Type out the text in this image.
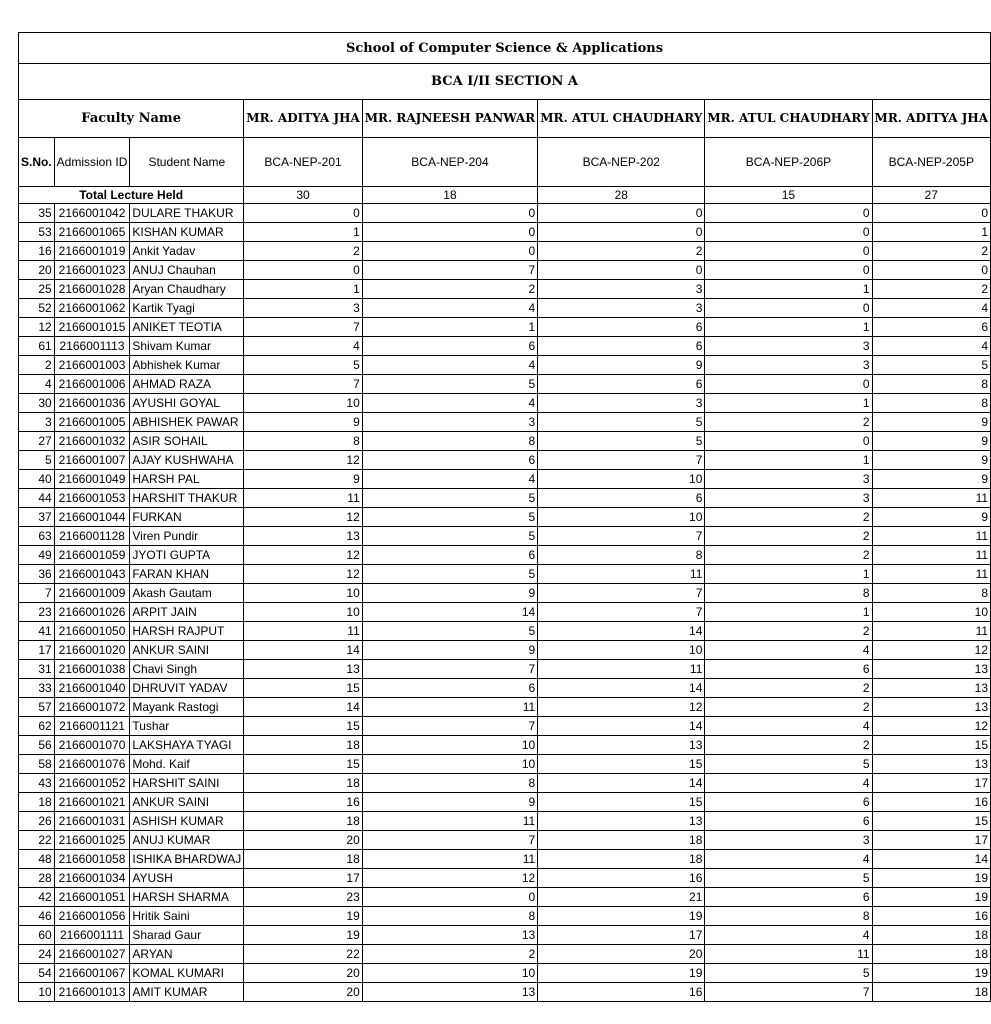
School of Computer Science & Applications							
BCA I/II SECTION A							
Faculty Name			MR. ADITYA JHA	MR. RAJNEESH PANWAR	MR. ATUL CHAUDHARY	MR. ATUL CHAUDHARY	MR. ADITYA JHA
S.No.	Admission ID	Student Name	BCA-NEP-201	BCA-NEP-204	BCA-NEP-202	BCA-NEP-206P	BCA-NEP-205P
Total Lecture Held			30	18	28	15	27
35	2166001042	DULARE THAKUR	0	0	0	0	0
53	2166001065	KISHAN KUMAR	1	0	0	0	1
16	2166001019	Ankit Yadav	2	0	2	0	2
20	2166001023	ANUJ Chauhan	0	7	0	0	0
25	2166001028	Aryan Chaudhary	1	2	3	1	2
52	2166001062	Kartik Tyagi	3	4	3	0	4
12	2166001015	ANIKET TEOTIA	7	1	6	1	6
61	2166001113	Shivam Kumar	4	6	6	3	4
2	2166001003	Abhishek Kumar	5	4	9	3	5
4	2166001006	AHMAD RAZA	7	5	6	0	8
30	2166001036	AYUSHI GOYAL	10	4	3	1	8
3	2166001005	ABHISHEK PAWAR	9	3	5	2	9
27	2166001032	ASIR SOHAIL	8	8	5	0	9
5	2166001007	AJAY KUSHWAHA	12	6	7	1	9
40	2166001049	HARSH PAL	9	4	10	3	9
44	2166001053	HARSHIT THAKUR	11	5	6	3	11
37	2166001044	FURKAN	12	5	10	2	9
63	2166001128	Viren Pundir	13	5	7	2	11
49	2166001059	JYOTI GUPTA	12	6	8	2	11
36	2166001043	FARAN KHAN	12	5	11	1	11
7	2166001009	Akash Gautam	10	9	7	8	8
23	2166001026	ARPIT JAIN	10	14	7	1	10
41	2166001050	HARSH RAJPUT	11	5	14	2	11
17	2166001020	ANKUR SAINI	14	9	10	4	12
31	2166001038	Chavi Singh	13	7	11	6	13
33	2166001040	DHRUVIT YADAV	15	6	14	2	13
57	2166001072	Mayank Rastogi	14	11	12	2	13
62	2166001121	Tushar	15	7	14	4	12
56	2166001070	LAKSHAYA TYAGI	18	10	13	2	15
58	2166001076	Mohd. Kaif	15	10	15	5	13
43	2166001052	HARSHIT SAINI	18	8	14	4	17
18	2166001021	ANKUR SAINI	16	9	15	6	16
26	2166001031	ASHISH KUMAR	18	11	13	6	15
22	2166001025	ANUJ KUMAR	20	7	18	3	17
48	2166001058	ISHIKA BHARDWAJ	18	11	18	4	14
28	2166001034	AYUSH	17	12	16	5	19
42	2166001051	HARSH SHARMA	23	0	21	6	19
46	2166001056	Hritik Saini	19	8	19	8	16
60	2166001111	Sharad Gaur	19	13	17	4	18
24	2166001027	ARYAN	22	2	20	11	18
54	2166001067	KOMAL KUMARI	20	10	19	5	19
10	2166001013	AMIT KUMAR	20	13	16	7	18
